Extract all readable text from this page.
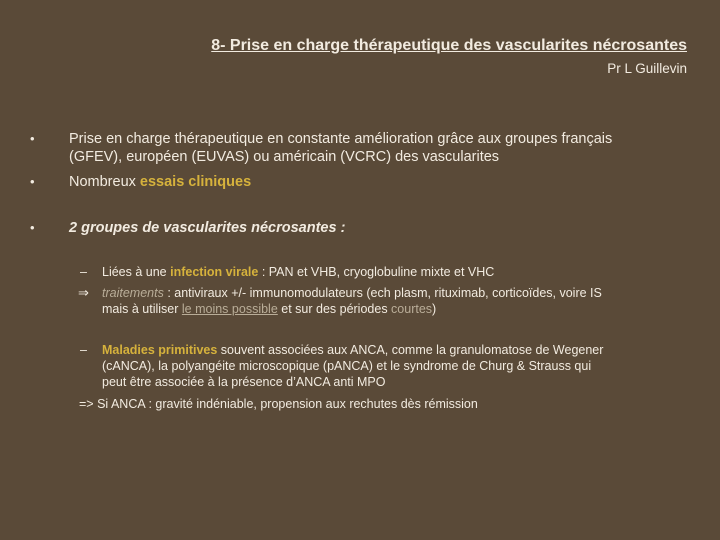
8- Prise en charge thérapeutique des vascularites nécrosantes
Pr L Guillevin
• Prise en charge thérapeutique en constante amélioration grâce aux groupes français
(GFEV), européen (EUVAS) ou américain (VCRC) des vascularites
• Nombreux essais cliniques
• 2 groupes de vascularites nécrosantes :
– Liées à une infection virale : PAN et VHB, cryoglobuline mixte et VHC
⇒ traitements : antiviraux +/- immunomodulateurs (ech plasm, rituximab, corticoïdes, voire IS
mais à utiliser le moins possible et sur des périodes courtes)
– Maladies primitives souvent associées aux ANCA, comme la granulomatose de Wegener
(cANCA), la polyangéite microscopique (pANCA) et le syndrome de Churg & Strauss qui
peut être associée à la présence d’ANCA anti MPO
=> Si ANCA : gravité indéniable, propension aux rechutes dès rémission
